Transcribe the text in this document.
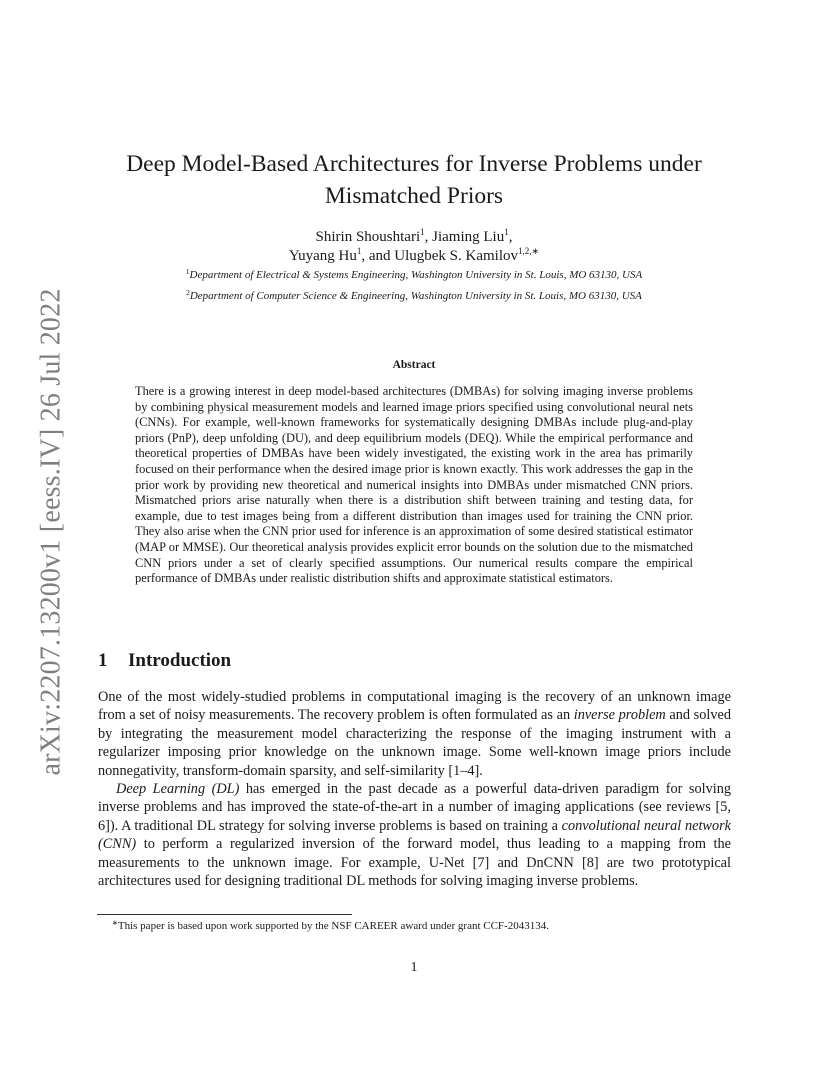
arXiv:2207.13200v1 [eess.IV] 26 Jul 2022
Deep Model-Based Architectures for Inverse Problems under
Mismatched Priors
Shirin Shoushtari$^1$, Jiaming Liu$^1$,
Yuyang Hu$^1$, and Ulugbek S. Kamilov$^{1,2,∗}$
$^1$Department of Electrical & Systems Engineering, Washington University in St. Louis, MO 63130, USA
$^2$Department of Computer Science & Engineering, Washington University in St. Louis, MO 63130, USA
Abstract
There is a growing interest in deep model-based architectures (DMBAs) for solving imaging inverse problems by combining physical measurement models and learned image priors specified using convolutional neural nets (CNNs). For example, well-known frameworks for systematically designing DMBAs include plug-and-play priors (PnP), deep unfolding (DU), and deep equilibrium models (DEQ). While the empirical performance and theoretical properties of DMBAs have been widely investigated, the existing work in the area has primarily focused on their performance when the desired image prior is known exactly. This work addresses the gap in the prior work by providing new theoretical and numerical insights into DMBAs under mismatched CNN priors. Mismatched priors arise naturally when there is a distribution shift between training and testing data, for example, due to test images being from a different distribution than images used for training the CNN prior. They also arise when the CNN prior used for inference is an approximation of some desired statistical estimator (MAP or MMSE). Our theoretical analysis provides explicit error bounds on the solution due to the mismatched CNN priors under a set of clearly specified assumptions. Our numerical results compare the empirical performance of DMBAs under realistic distribution shifts and approximate statistical estimators.
1 Introduction

One of the most widely-studied problems in computational imaging is the recovery of an unknown image from a set of noisy measurements. The recovery problem is often formulated as an inverse problem and solved by integrating the measurement model characterizing the response of the imaging instrument with a regularizer imposing prior knowledge on the unknown image. Some well-known image priors include nonnegativity, transform-domain sparsity, and self-similarity [1–4].

Deep Learning (DL) has emerged in the past decade as a powerful data-driven paradigm for solving inverse problems and has improved the state-of-the-art in a number of imaging applications (see reviews [5, 6]). A traditional DL strategy for solving inverse problems is based on training a convolutional neural network (CNN) to perform a regularized inversion of the forward model, thus leading to a mapping from the measurements to the unknown image. For example, U-Net [7] and DnCNN [8] are two prototypical architectures used for designing traditional DL methods for solving imaging inverse problems.

∗This paper is based upon work supported by the NSF CAREER award under grant CCF-2043134.
1
